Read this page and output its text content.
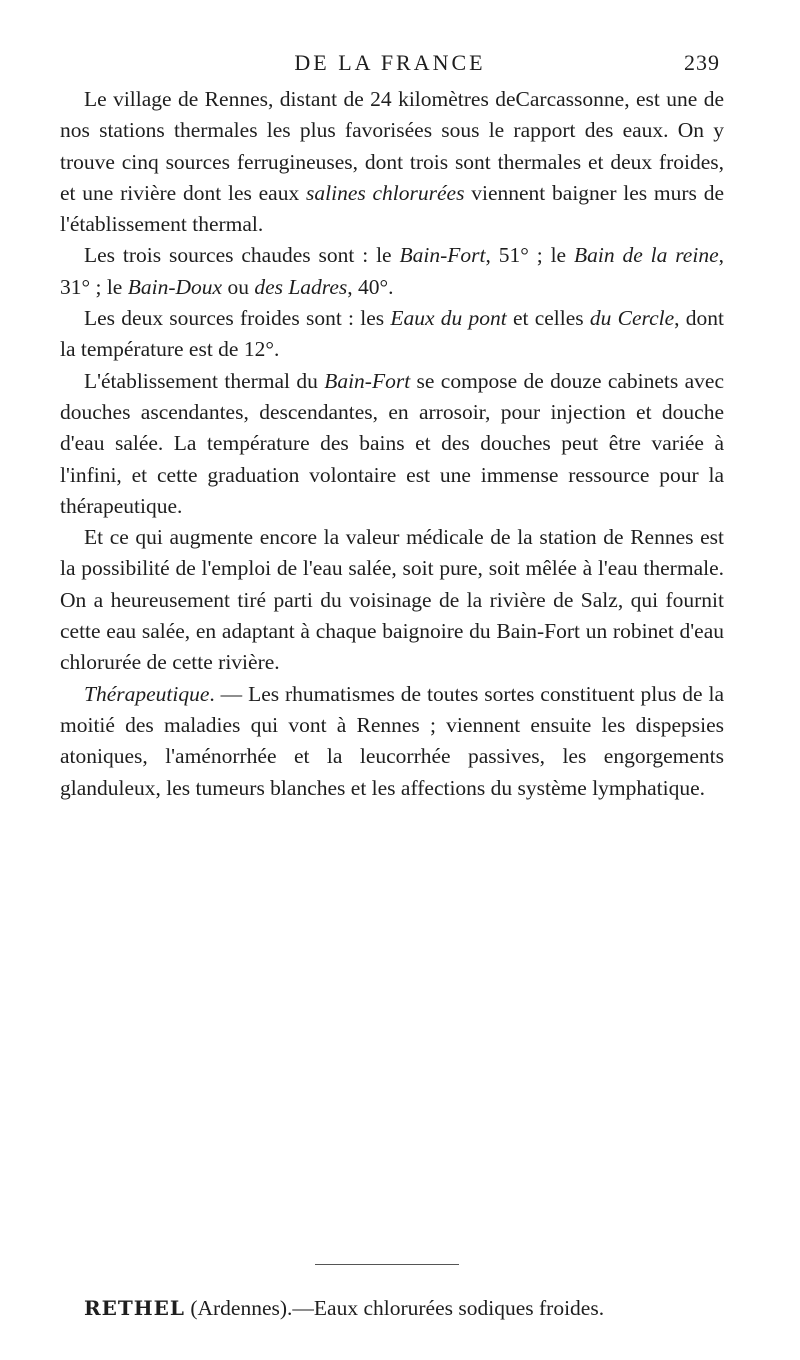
DE LA FRANCE	239

Le village de Rennes, distant de 24 kilomètres deCarcassonne, est une de nos stations thermales les plus favorisées sous le rapport des eaux. On y trouve cinq sources ferrugineuses, dont trois sont thermales et deux froides, et une rivière dont les eaux salines chlorurées viennent baigner les murs de l'établissement thermal.

Les trois sources chaudes sont : le Bain-Fort, 51° ; le Bain de la reine, 31° ; le Bain-Doux ou des Ladres, 40°.

Les deux sources froides sont : les Eaux du pont et celles du Cercle, dont la température est de 12°.

L'établissement thermal du Bain-Fort se compose de douze cabinets avec douches ascendantes, descendantes, en arrosoir, pour injection et douche d'eau salée. La température des bains et des douches peut être variée à l'infini, et cette graduation volontaire est une immense ressource pour la thérapeutique.

Et ce qui augmente encore la valeur médicale de la station de Rennes est la possibilité de l'emploi de l'eau salée, soit pure, soit mêlée à l'eau thermale. On a heureusement tiré parti du voisinage de la rivière de Salz, qui fournit cette eau salée, en adaptant à chaque baignoire du Bain-Fort un robinet d'eau chlorurée de cette rivière.

Thérapeutique. — Les rhumatismes de toutes sortes constituent plus de la moitié des maladies qui vont à Rennes ; viennent ensuite les dispepsies atoniques, l'aménorrhée et la leucorrhée passives, les engorgements glanduleux, les tumeurs blanches et les affections du système lymphatique.

RETHEL (Ardennes).—Eaux chlorurées sodiques froides.
